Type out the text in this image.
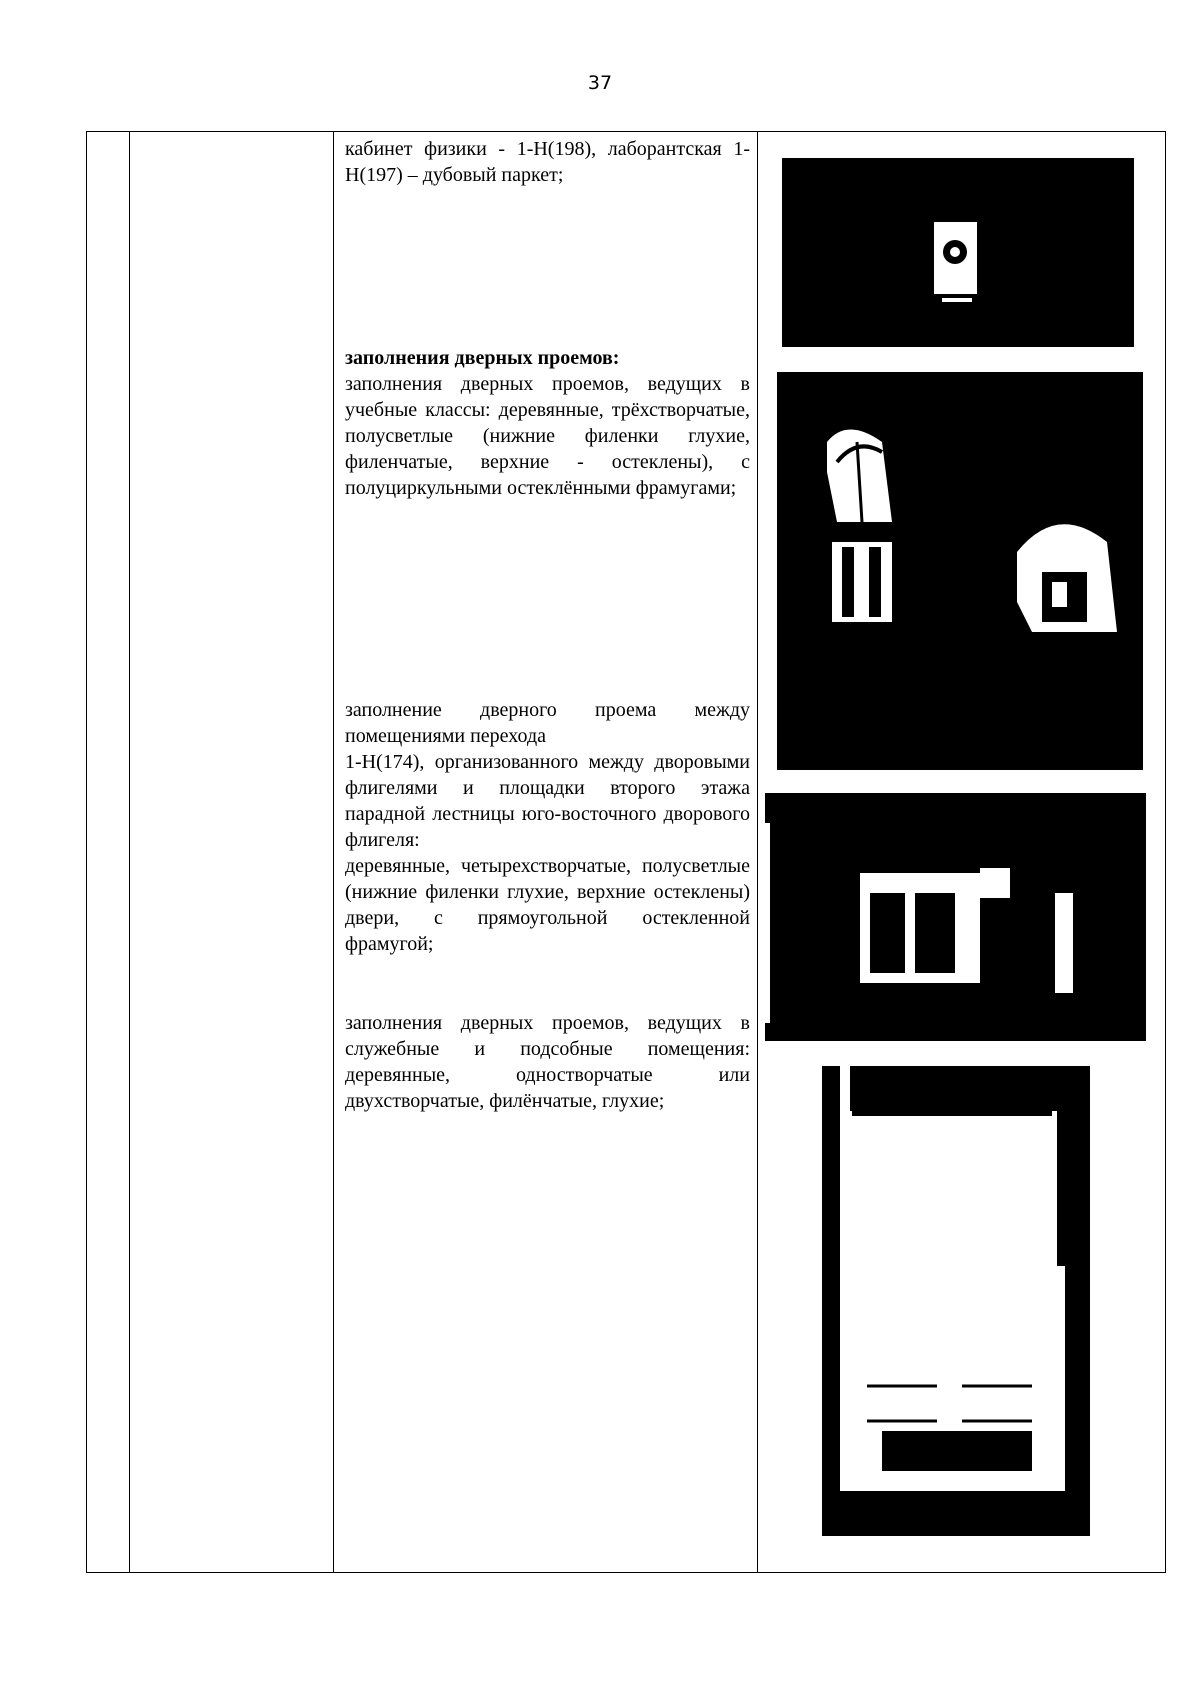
37
кабинет физики - 1-Н(198), лаборантская 1-Н(197) – дубовый паркет;
заполнения дверных проемов:
заполнения дверных проемов, ведущих в учебные классы: деревянные, трёхстворчатые, полусветлые (нижние филенки глухие, филенчатые, верхние - остеклены), с полуциркульными остеклёнными фрамугами;
заполнение дверного проема между помещениями перехода
1-Н(174), организованного между дворовыми флигелями и площадки второго этажа парадной лестницы юго-восточного дворового флигеля:
деревянные, четырехстворчатые, полусветлые (нижние филенки глухие, верхние остеклены) двери, с прямоугольной остекленной фрамугой;
заполнения дверных проемов, ведущих в служебные и подсобные помещения: деревянные, одностворчатые или двухстворчатые, филёнчатые, глухие;
